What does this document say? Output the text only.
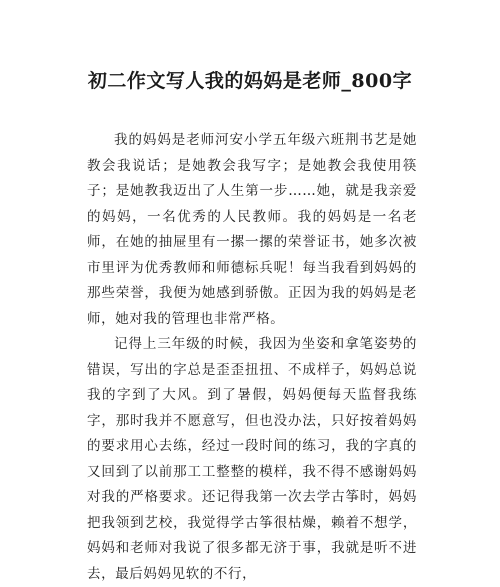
初二作文写人我的妈妈是老师_800字

我的妈妈是老师河安小学五年级六班荆书艺是她教会我说话；是她教会我写字；是她教会我使用筷子；是她教我迈出了人生第一步……她，就是我亲爱的妈妈，一名优秀的人民教师。我的妈妈是一名老师，在她的抽屉里有一摞一摞的荣誉证书，她多次被市里评为优秀教师和师德标兵呢！每当我看到妈妈的那些荣誉，我便为她感到骄傲。正因为我的妈妈是老师，她对我的管理也非常严格。

记得上三年级的时候，我因为坐姿和拿笔姿势的错误，写出的字总是歪歪扭扭、不成样子，妈妈总说我的字到了大风。到了暑假，妈妈便每天监督我练字，那时我并不愿意写，但也没办法，只好按着妈妈的要求用心去练，经过一段时间的练习，我的字真的又回到了以前那工工整整的模样，我不得不感谢妈妈对我的严格要求。还记得我第一次去学古筝时，妈妈把我领到艺校，我觉得学古筝很枯燥，赖着不想学，妈妈和老师对我说了很多都无济于事，我就是听不进去，最后妈妈见软的不行，
